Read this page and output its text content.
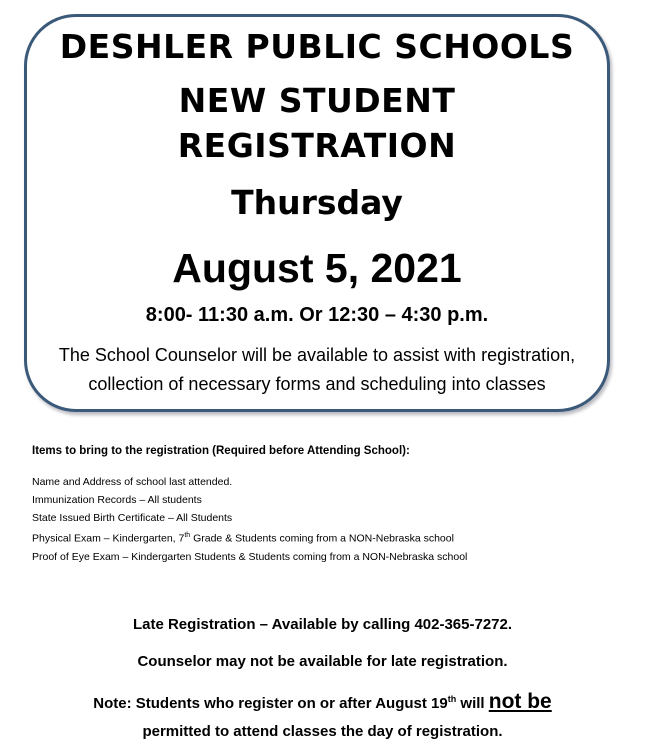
DESHLER PUBLIC SCHOOLS
NEW STUDENT
REGISTRATION
Thursday
August 5, 2021
8:00- 11:30 a.m. Or 12:30 – 4:30 p.m.
The School Counselor will be available to assist with registration,
collection of necessary forms and scheduling into classes
Items to bring to the registration (Required before Attending School):
Name and Address of school last attended.
Immunization Records – All students
State Issued Birth Certificate – All Students
Physical Exam – Kindergarten, 7th Grade & Students coming from a NON-Nebraska school
Proof of Eye Exam – Kindergarten Students & Students coming from a NON-Nebraska school
Late Registration – Available by calling 402-365-7272.
Counselor may not be available for late registration.
Note: Students who register on or after August 19th will not be
permitted to attend classes the day of registration.
